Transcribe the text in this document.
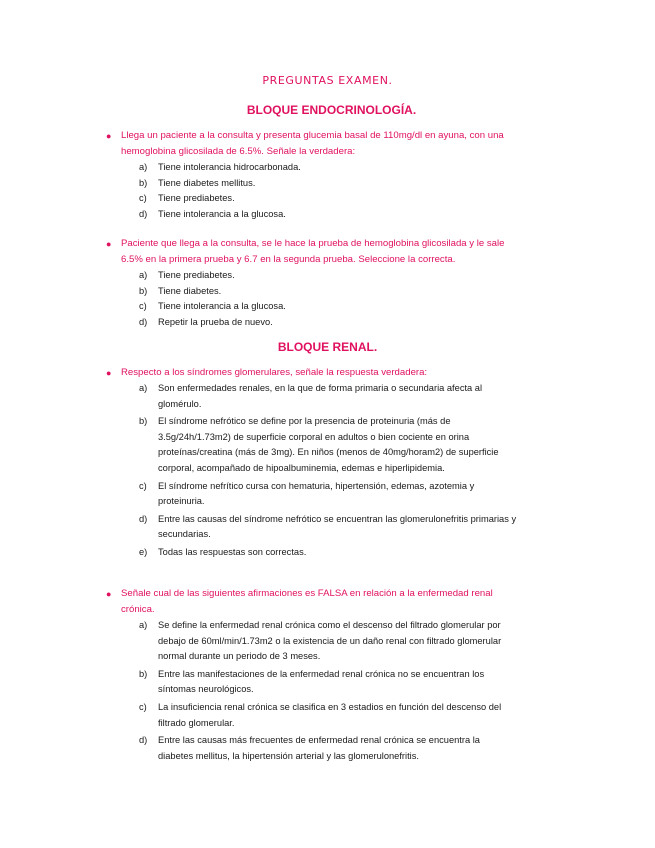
PREGUNTAS EXAMEN.
BLOQUE ENDOCRINOLOGÍA.
● Llega un paciente a la consulta y presenta glucemia basal de 110mg/dl en ayuna, con una hemoglobina glicosilada de 6.5%. Señale la verdadera:
a)	Tiene intolerancia hidrocarbonada.
b)	Tiene diabetes mellitus.
c)	Tiene prediabetes.
d)	Tiene intolerancia a la glucosa.
● Paciente que llega a la consulta, se le hace la prueba de hemoglobina glicosilada y le sale 6.5% en la primera prueba y 6.7 en la segunda prueba. Seleccione la correcta.
a)	Tiene prediabetes.
b)	Tiene diabetes.
c)	Tiene intolerancia a la glucosa.
d)	Repetir la prueba de nuevo.
BLOQUE RENAL.
● Respecto a los síndromes glomerulares, señale la respuesta verdadera:
a)	Son enfermedades renales, en la que de forma primaria o secundaria afecta al glomérulo.
b)	El síndrome nefrótico se define por la presencia de proteinuria (más de 3.5g/24h/1.73m2) de superficie corporal en adultos o bien cociente en orina proteínas/creatina (más de 3mg). En niños (menos de 40mg/horam2) de superficie corporal, acompañado de hipoalbuminemia, edemas e hiperlipidemia.
c)	El síndrome nefrítico cursa con hematuria, hipertensión, edemas, azotemia y proteinuria.
d)	Entre las causas del síndrome nefrótico se encuentran las glomerulonefritis primarias y secundarias.
e)	Todas las respuestas son correctas.
● Señale cual de las siguientes afirmaciones es FALSA en relación a la enfermedad renal crónica.
a)	Se define la enfermedad renal crónica como el descenso del filtrado glomerular por debajo de 60ml/min/1.73m2 o la existencia de un daño renal con filtrado glomerular normal durante un periodo de 3 meses.
b)	Entre las manifestaciones de la enfermedad renal crónica no se encuentran los síntomas neurológicos.
c)	La insuficiencia renal crónica se clasifica en 3 estadios en función del descenso del filtrado glomerular.
d)	Entre las causas más frecuentes de enfermedad renal crónica se encuentra la diabetes mellitus, la hipertensión arterial y las glomerulonefritis.
